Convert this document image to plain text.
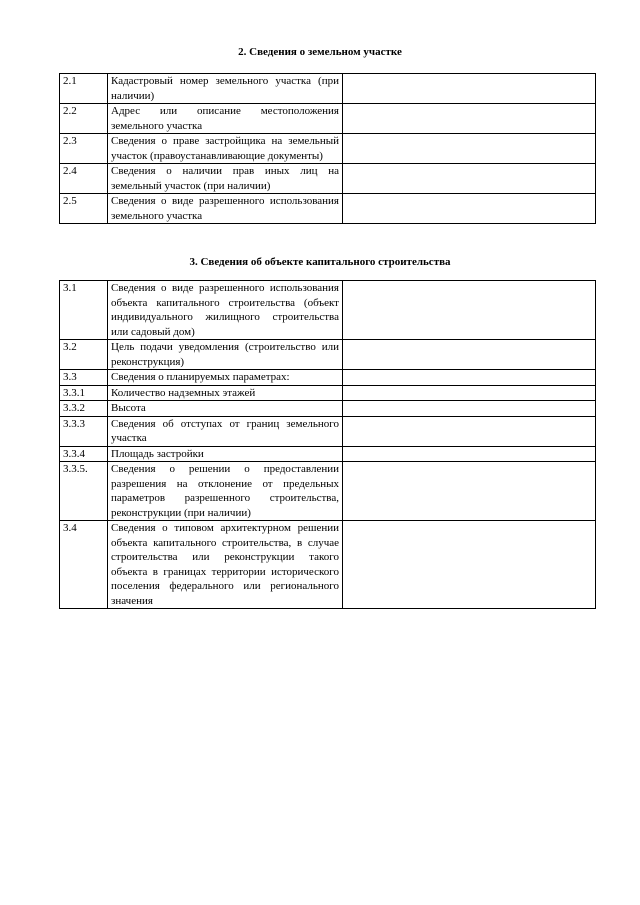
2. Сведения о земельном участке
2.1	Кадастровый номер земельного участка (при наличии)	
2.2	Адрес или описание местоположения земельного участка	
2.3	Сведения о праве застройщика на земельный участок (правоустанавливающие документы)	
2.4	Сведения о наличии прав иных лиц на земельный участок (при наличии)	
2.5	Сведения о виде разрешенного использования земельного участка	
3. Сведения об объекте капитального строительства
3.1	Сведения о виде разрешенного использования объекта капитального строительства (объект индивидуального жилищного строительства или садовый дом)	
3.2	Цель подачи уведомления (строительство или реконструкция)	
3.3	Сведения о планируемых параметрах:	
3.3.1	Количество надземных этажей	
3.3.2	Высота	
3.3.3	Сведения об отступах от границ земельного участка	
3.3.4	Площадь застройки	
3.3.5.	Сведения о решении о предоставлении разрешения на отклонение от предельных параметров разрешенного строительства, реконструкции (при наличии)	
3.4	Сведения о типовом архитектурном решении объекта капитального строительства, в случае строительства или реконструкции такого объекта в границах территории исторического поселения федерального или регионального значения	
